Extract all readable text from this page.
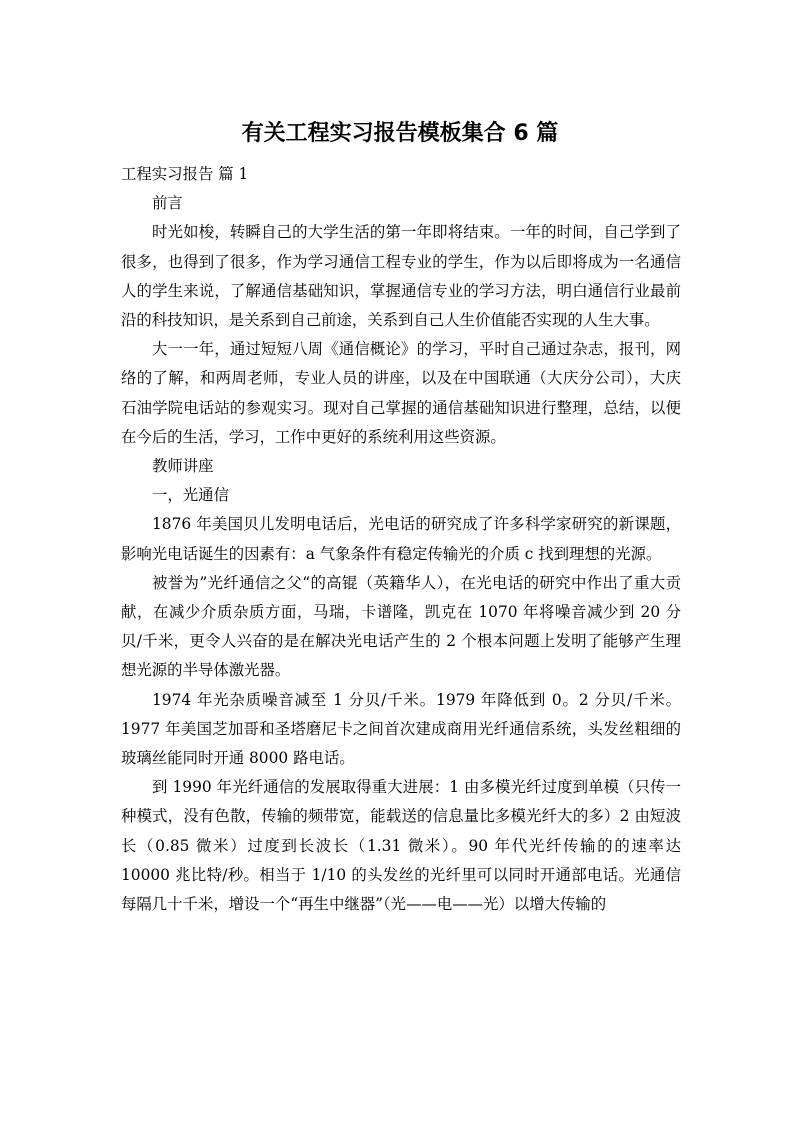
有关工程实习报告模板集合 6 篇

工程实习报告 篇 1

前言

时光如梭，转瞬自己的大学生活的第一年即将结束。一年的时间，自己学到了很多，也得到了很多，作为学习通信工程专业的学生，作为以后即将成为一名通信人的学生来说，了解通信基础知识，掌握通信专业的学习方法，明白通信行业最前沿的科技知识，是关系到自己前途，关系到自己人生价值能否实现的人生大事。

大一一年，通过短短八周《通信概论》的学习，平时自己通过杂志，报刊，网络的了解，和两周老师，专业人员的讲座，以及在中国联通（大庆分公司），大庆石油学院电话站的参观实习。现对自己掌握的通信基础知识进行整理，总结，以便在今后的生活，学习，工作中更好的系统利用这些资源。

教师讲座

一，光通信

1876 年美国贝儿发明电话后，光电话的研究成了许多科学家研究的新课题，影响光电话诞生的因素有：a 气象条件有稳定传输光的介质 c 找到理想的光源。

被誉为”光纤通信之父“的高锟（英籍华人），在光电话的研究中作出了重大贡献，在减少介质杂质方面，马瑞，卡谱隆，凯克在 1070 年将噪音减少到 20 分贝/千米，更令人兴奋的是在解决光电话产生的 2 个根本问题上发明了能够产生理想光源的半导体激光器。

1974 年光杂质噪音减至 1 分贝/千米。1979 年降低到 0。2 分贝/千米。1977 年美国芝加哥和圣塔磨尼卡之间首次建成商用光纤通信系统，头发丝粗细的玻璃丝能同时开通 8000 路电话。

到 1990 年光纤通信的发展取得重大进展：1 由多模光纤过度到单模（只传一种模式，没有色散，传输的频带宽，能载送的信息量比多模光纤大的多）2 由短波长（0.85 微米）过度到长波长（1.31 微米）。90 年代光纤传输的的速率达 10000 兆比特/秒。相当于 1/10 的头发丝的光纤里可以同时开通部电话。光通信每隔几十千米，增设一个“再生中继器”（光——电——光）以增大传输的
